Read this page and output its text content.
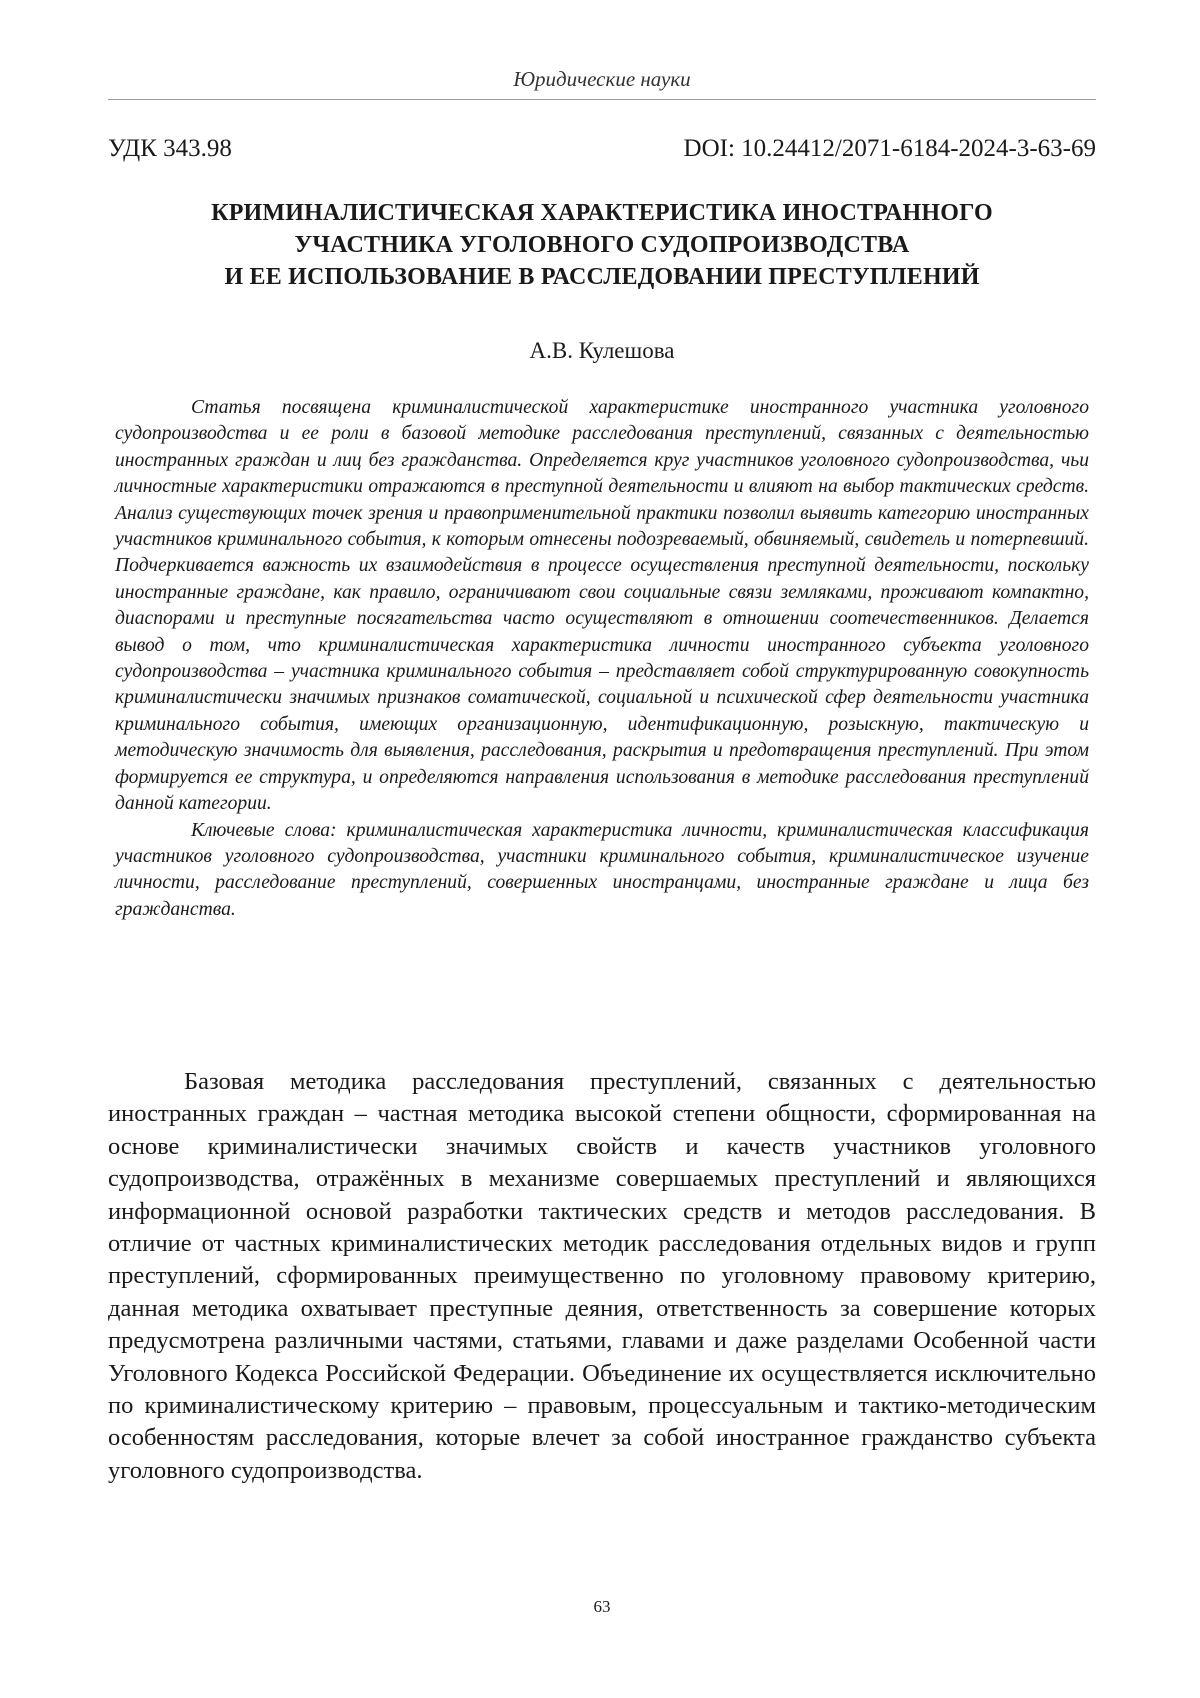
Юридические науки
УДК 343.98	DOI: 10.24412/2071-6184-2024-3-63-69
КРИМИНАЛИСТИЧЕСКАЯ ХАРАКТЕРИСТИКА ИНОСТРАННОГО
УЧАСТНИКА УГОЛОВНОГО СУДОПРОИЗВОДСТВА
И ЕЕ ИСПОЛЬЗОВАНИЕ В РАССЛЕДОВАНИИ ПРЕСТУПЛЕНИЙ
А.В. Кулешова

Статья посвящена криминалистической характеристике иностранного участника уголовного судопроизводства и ее роли в базовой методике расследования преступлений, связанных с деятельностью иностранных граждан и лиц без гражданства. Определяется круг участников уголовного судопроизводства, чьи личностные характеристики отражаются в преступной деятельности и влияют на выбор тактических средств. Анализ существующих точек зрения и правоприменительной практики позволил выявить категорию иностранных участников криминального события, к которым отнесены подозреваемый, обвиняемый, свидетель и потерпевший. Подчеркивается важность их взаимодействия в процессе осуществления преступной деятельности, поскольку иностранные граждане, как правило, ограничивают свои социальные связи земляками, проживают компактно, диаспорами и преступные посягательства часто осуществляют в отношении соотечественников. Делается вывод о том, что криминалистическая характеристика личности иностранного субъекта уголовного судопроизводства – участника криминального события – представляет собой структурированную совокупность криминалистически значимых признаков соматической, социальной и психической сфер деятельности участника криминального события, имеющих организационную, идентификационную, розыскную, тактическую и методическую значимость для выявления, расследования, раскрытия и предотвращения преступлений. При этом формируется ее структура, и определяются направления использования в методике расследования преступлений данной категории.

Ключевые слова: криминалистическая характеристика личности, криминалистическая классификация участников уголовного судопроизводства, участники криминального события, криминалистическое изучение личности, расследование преступлений, совершенных иностранцами, иностранные граждане и лица без гражданства.

Базовая методика расследования преступлений, связанных с деятельностью иностранных граждан – частная методика высокой степени общности, сформированная на основе криминалистически значимых свойств и качеств участников уголовного судопроизводства, отражённых в механизме совершаемых преступлений и являющихся информационной основой разработки тактических средств и методов расследования. В отличие от частных криминалистических методик расследования отдельных видов и групп преступлений, сформированных преимущественно по уголовному правовому критерию, данная методика охватывает преступные деяния, ответственность за совершение которых предусмотрена различными частями, статьями, главами и даже разделами Особенной части Уголовного Кодекса Российской Федерации. Объединение их осуществляется исключительно по криминалистическому критерию – правовым, процессуальным и тактико-методическим особенностям расследования, которые влечет за собой иностранное гражданство субъекта уголовного судопроизводства.

63
